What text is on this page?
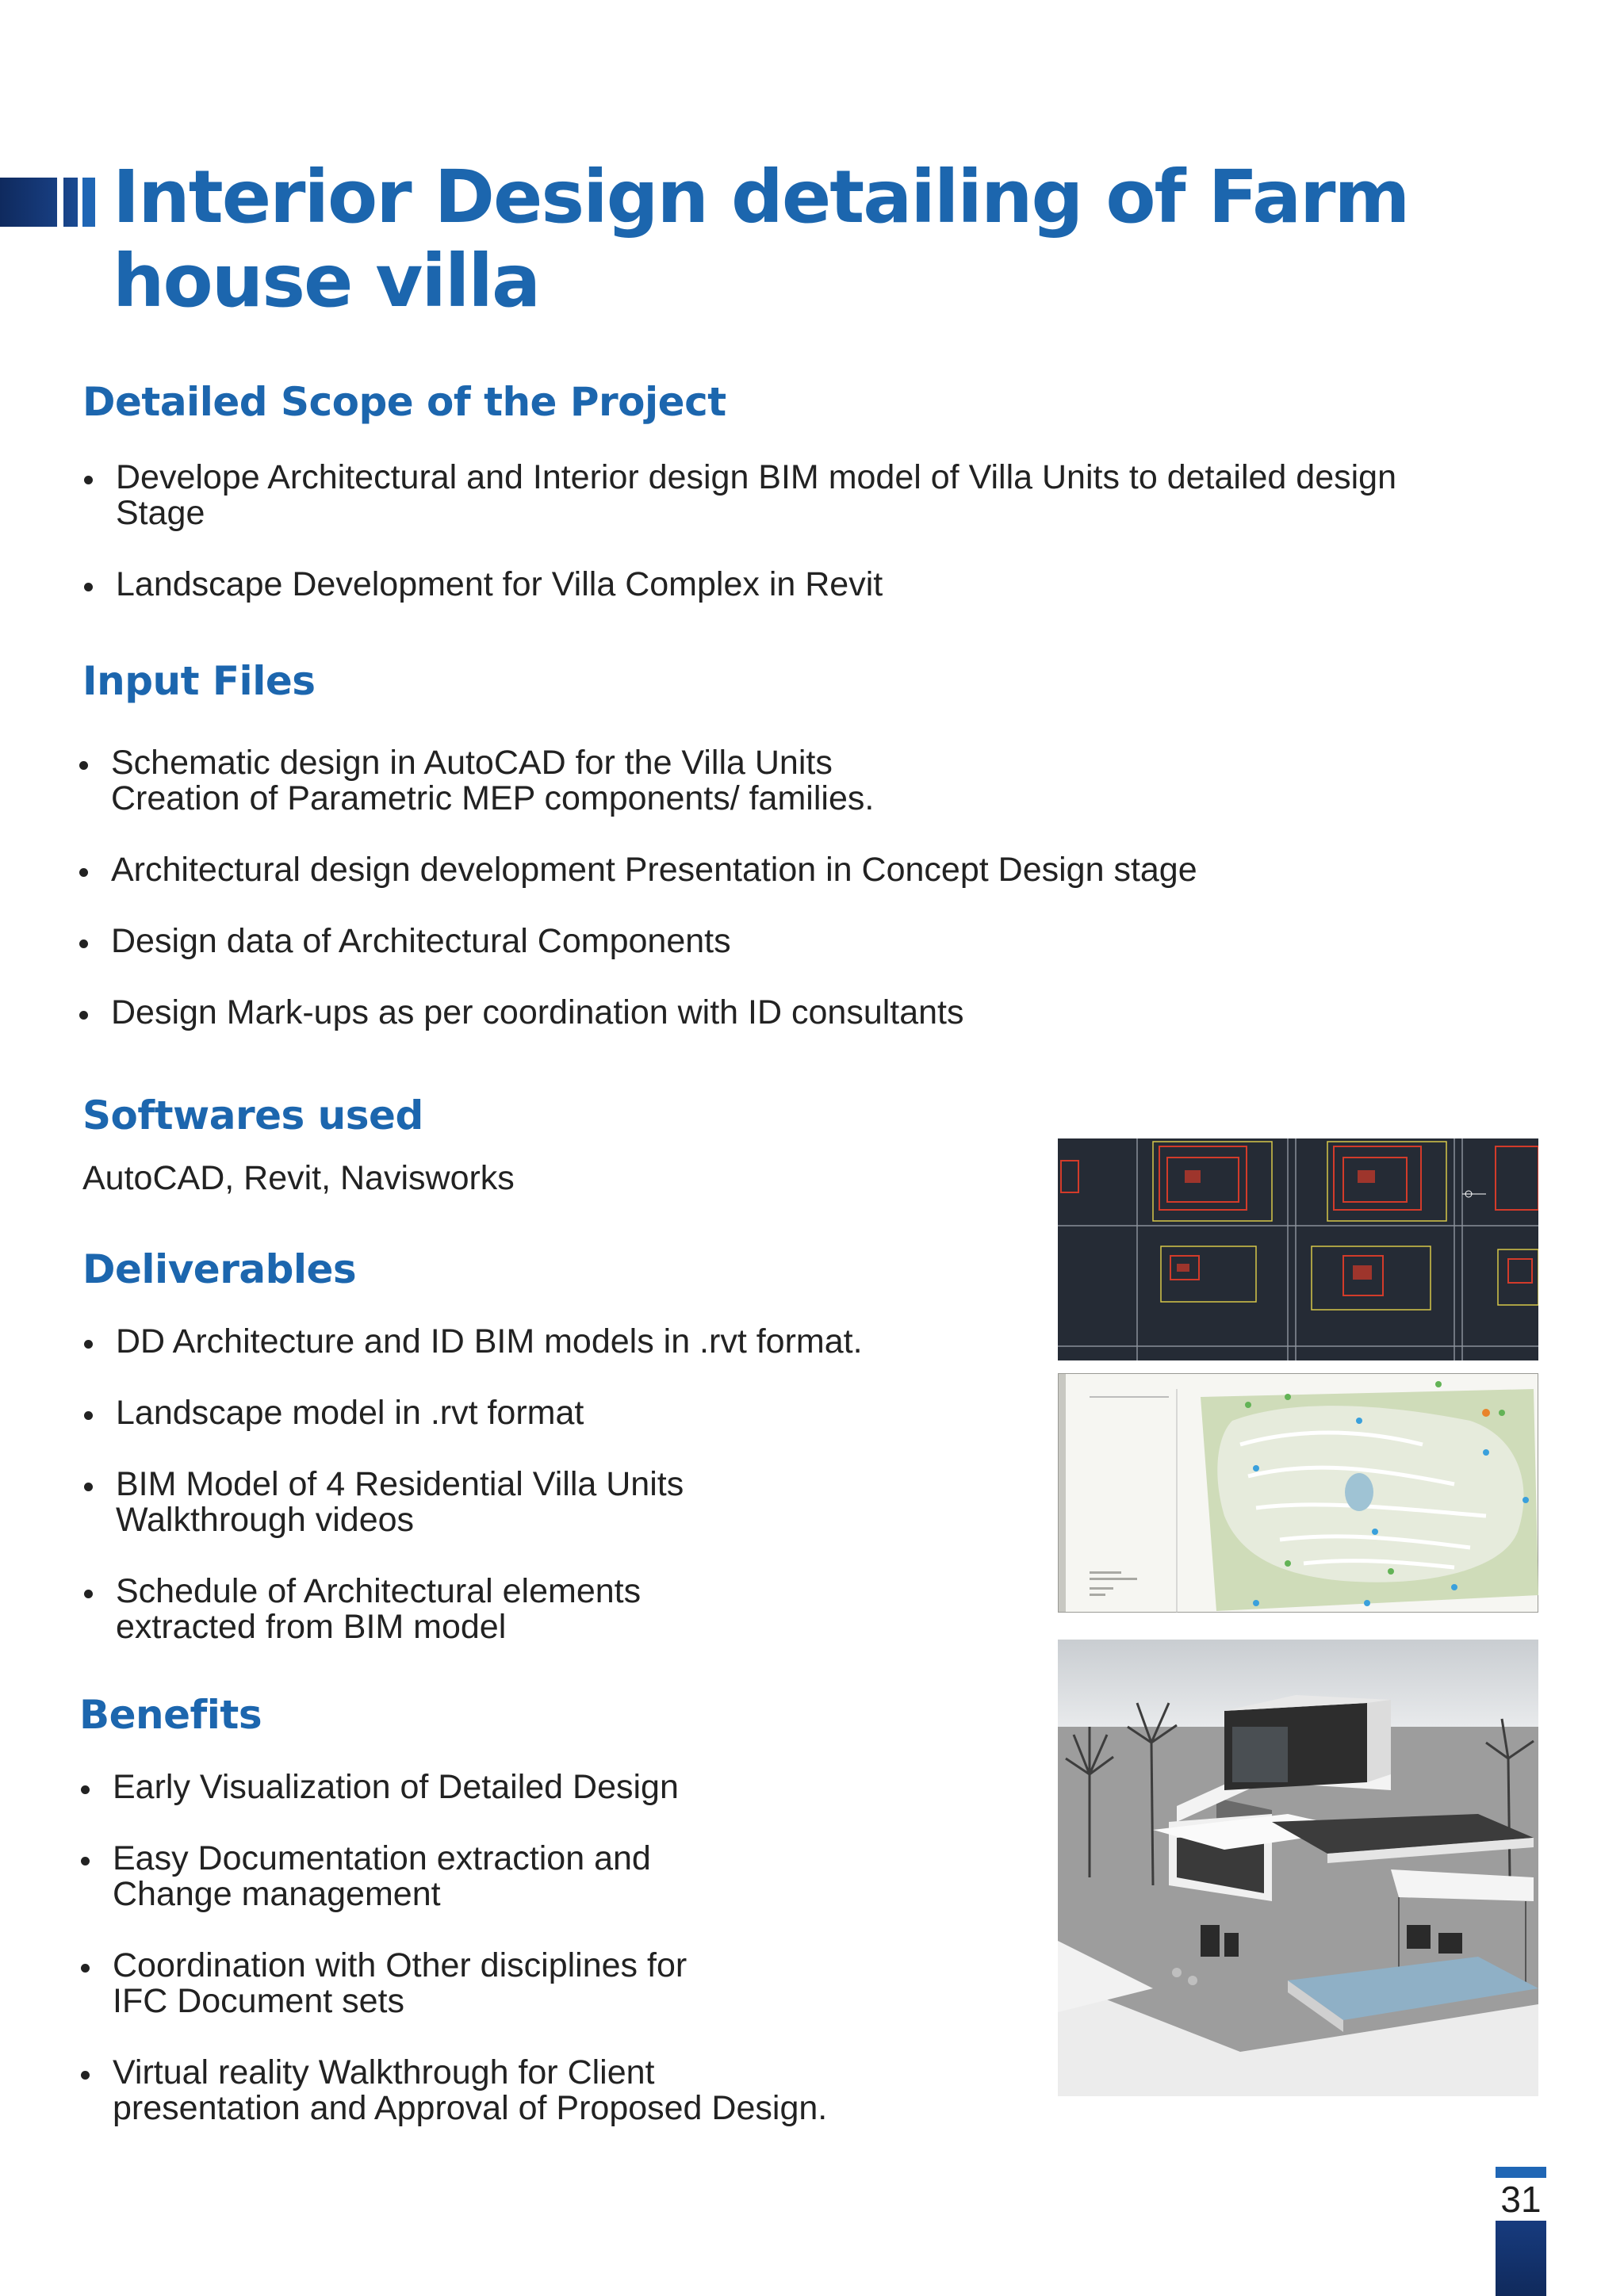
Interior Design detailing of Farm house villa
Detailed Scope of the Project
Develope Architectural and Interior design BIM model of Villa Units to detailed design
Stage
Landscape Development for Villa Complex in Revit
Input Files
Schematic design in AutoCAD for the Villa Units
Creation of Parametric MEP components/ families.
Architectural design development Presentation in Concept Design stage
Design data of Architectural Components
Design Mark-ups as per coordination with ID consultants
Softwares used

AutoCAD, Revit, Navisworks

Deliverables
DD Architecture and ID BIM models in .rvt format.
Landscape model in .rvt format
BIM Model of 4 Residential Villa Units
Walkthrough videos
Schedule of Architectural elements
extracted from BIM model
Benefits
Early Visualization of Detailed Design
Easy Documentation extraction and
Change management
Coordination with Other disciplines for
IFC Document sets
Virtual reality Walkthrough for Client
presentation and Approval of Proposed Design.
31
